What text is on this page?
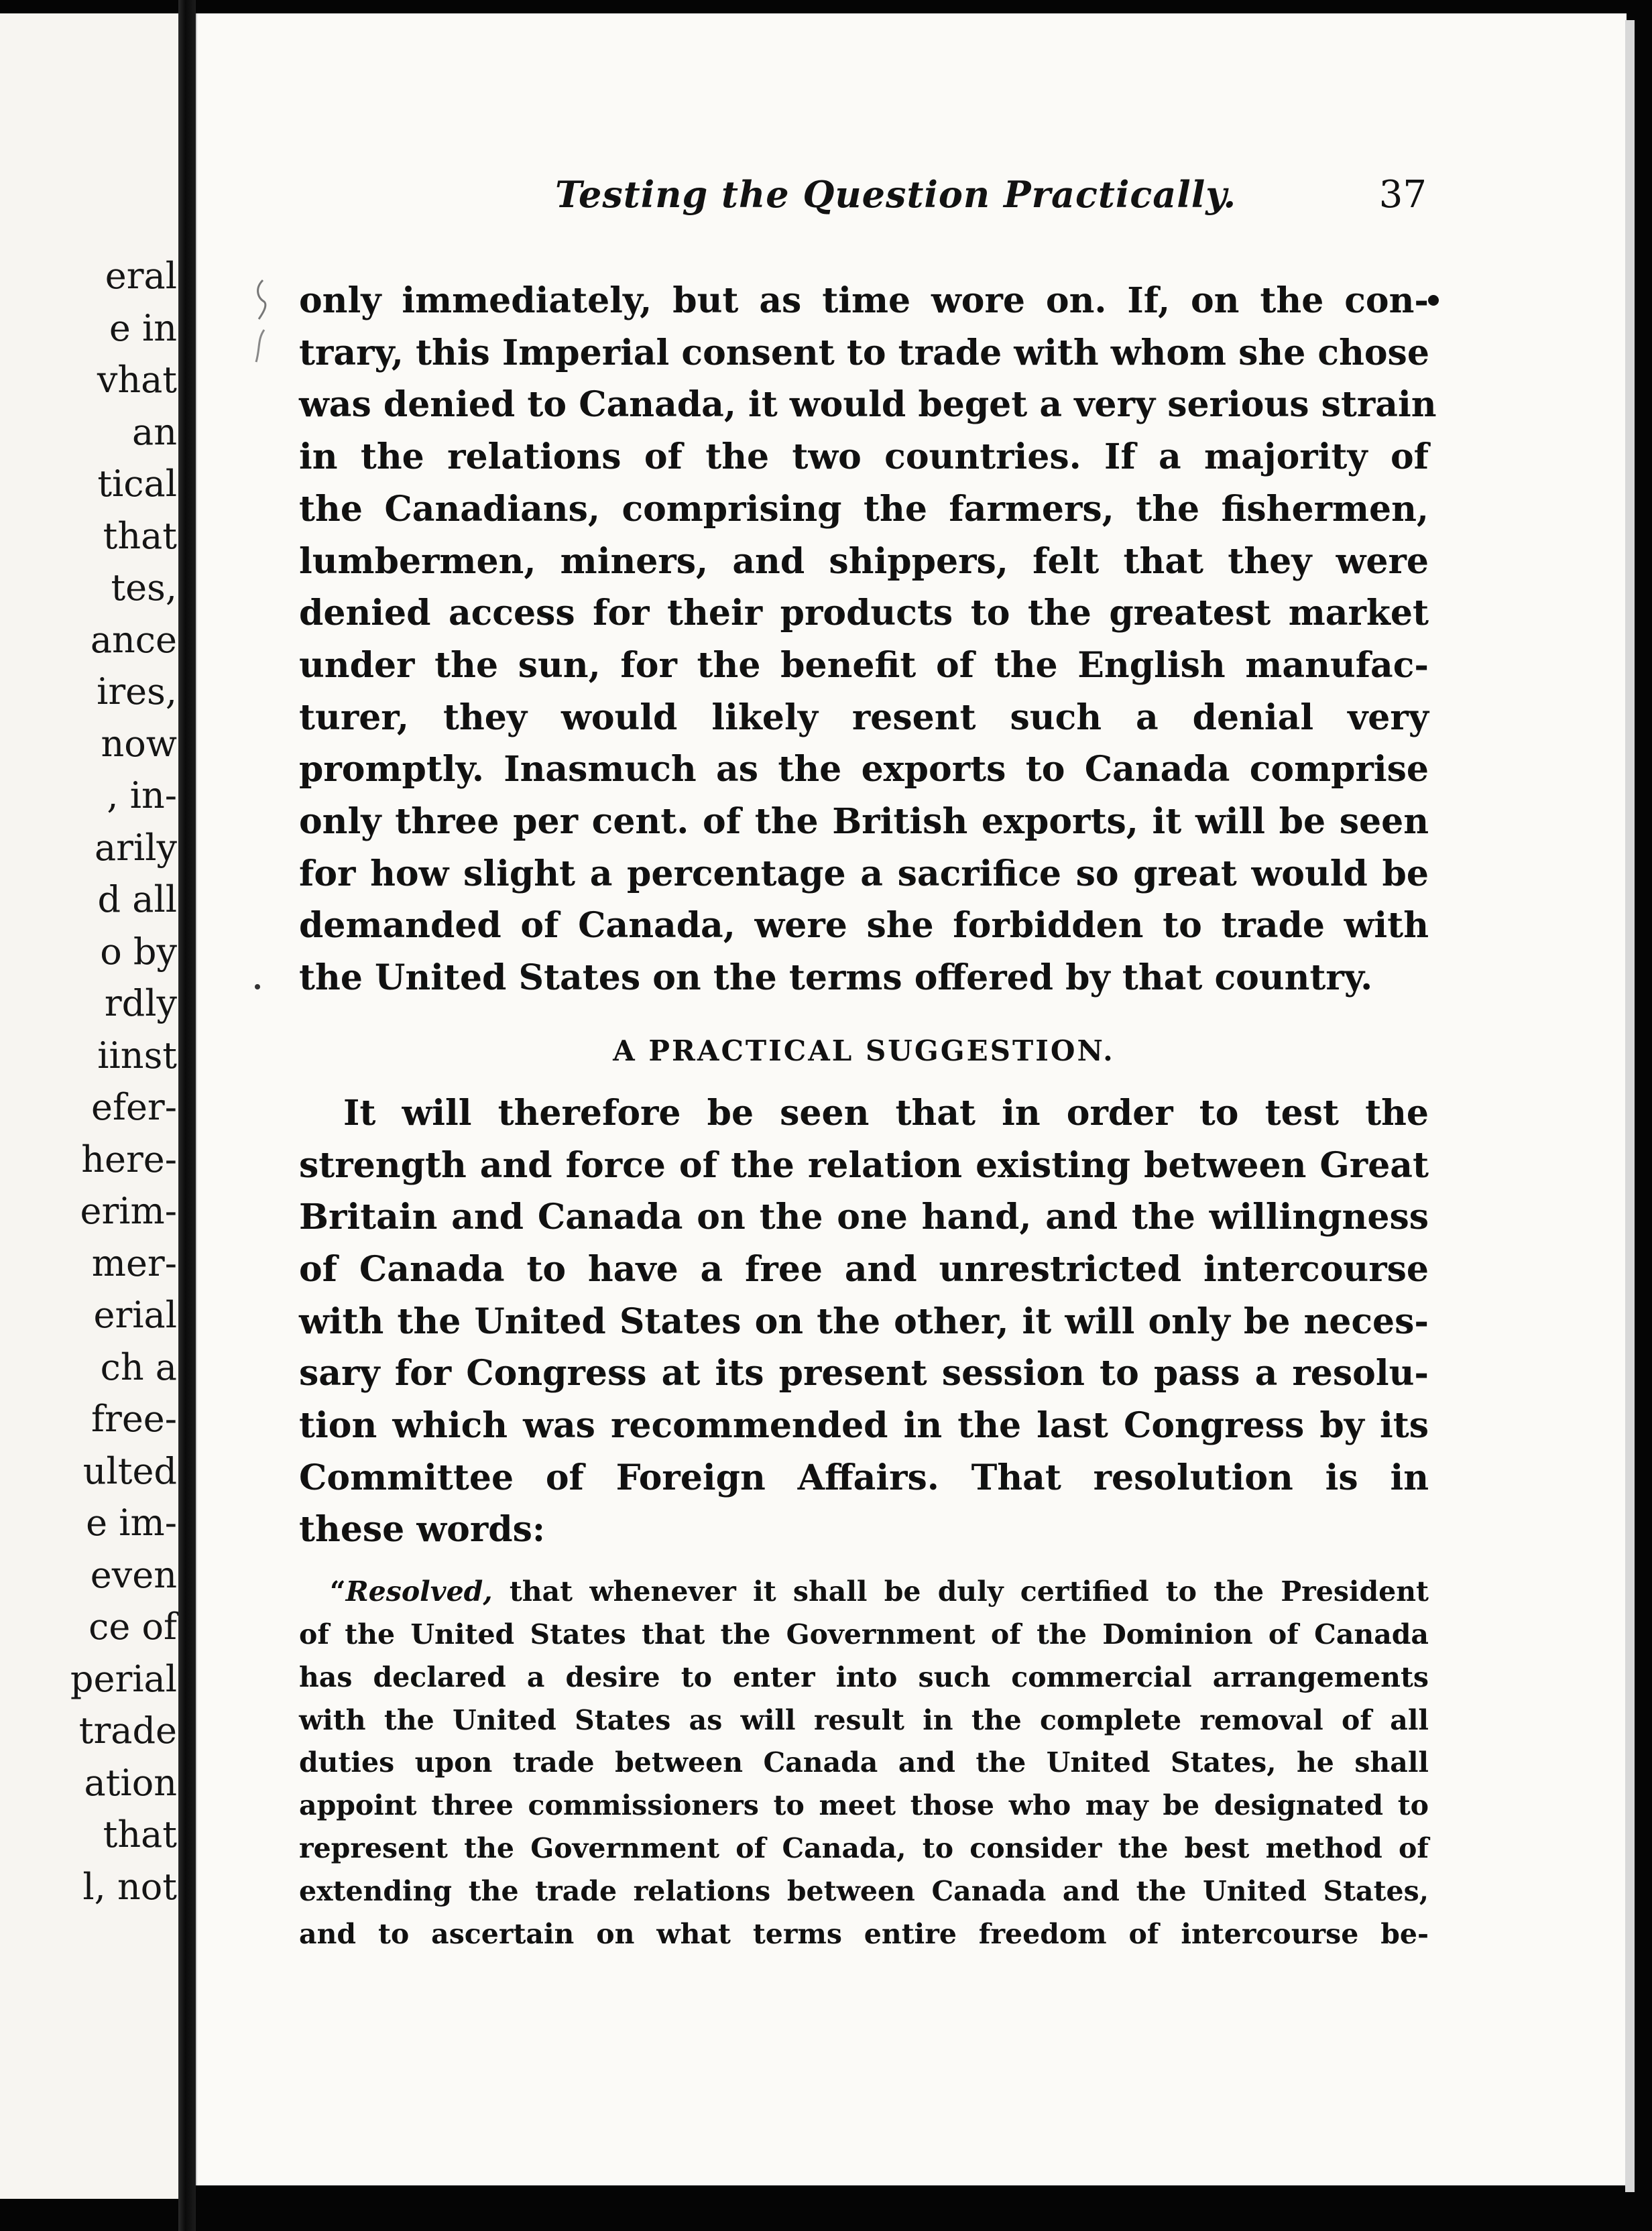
eral
e in
vhat
an
tical
that
tes,
ance
ires,
now
, in-
arily
d all
o by
rdly
iinst
efer-
here-
erim-
mer-
erial
ch a
free-
ulted
e im-
even
ce of
perial
trade
ation
that
l, not
Testing the Question Practically.	37
only immediately, but as time wore on. If, on the con-
trary, this Imperial consent to trade with whom she chose
was denied to Canada, it would beget a very serious strain
in the relations of the two countries. If a majority of
the Canadians, comprising the farmers, the fishermen,
lumbermen, miners, and shippers, felt that they were
denied access for their products to the greatest market
under the sun, for the benefit of the English manufac-
turer, they would likely resent such a denial very
promptly. Inasmuch as the exports to Canada comprise
only three per cent. of the British exports, it will be seen
for how slight a percentage a sacrifice so great would be
demanded of Canada, were she forbidden to trade with
the United States on the terms offered by that country.
A PRACTICAL SUGGESTION.
It will therefore be seen that in order to test the
strength and force of the relation existing between Great
Britain and Canada on the one hand, and the willingness
of Canada to have a free and unrestricted intercourse
with the United States on the other, it will only be neces-
sary for Congress at its present session to pass a resolu-
tion which was recommended in the last Congress by its
Committee of Foreign Affairs. That resolution is in
these words:
“Resolved, that whenever it shall be duly certified to the President
of the United States that the Government of the Dominion of Canada
has declared a desire to enter into such commercial arrangements
with the United States as will result in the complete removal of all
duties upon trade between Canada and the United States, he shall
appoint three commissioners to meet those who may be designated to
represent the Government of Canada, to consider the best method of
extending the trade relations between Canada and the United States,
and to ascertain on what terms entire freedom of intercourse be-
